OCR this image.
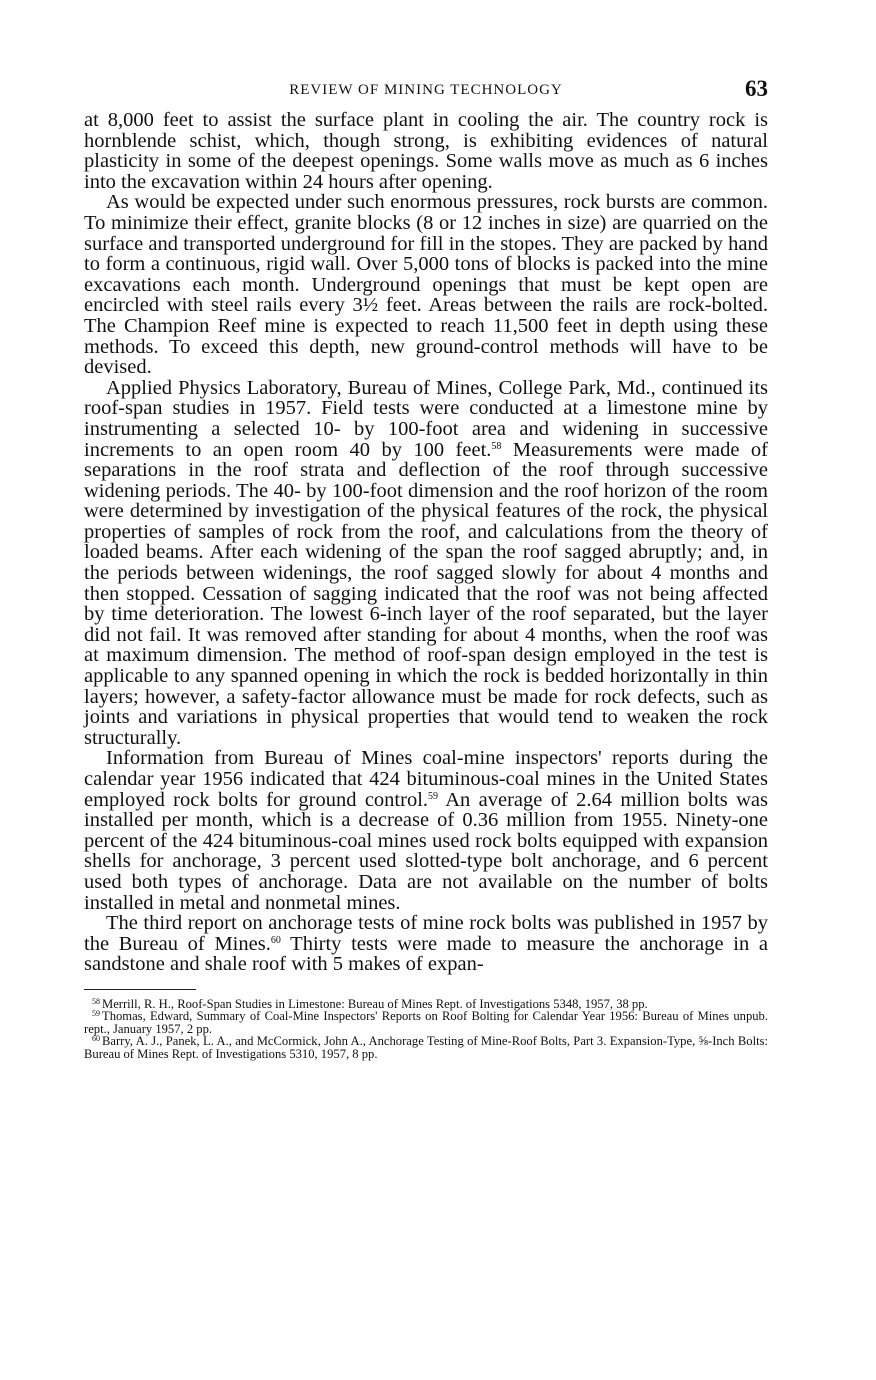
REVIEW OF MINING TECHNOLOGY	63

at 8,000 feet to assist the surface plant in cooling the air. The country rock is hornblende schist, which, though strong, is exhibiting evidences of natural plasticity in some of the deepest openings. Some walls move as much as 6 inches into the excavation within 24 hours after opening.

As would be expected under such enormous pressures, rock bursts are common. To minimize their effect, granite blocks (8 or 12 inches in size) are quarried on the surface and transported underground for fill in the stopes. They are packed by hand to form a continuous, rigid wall. Over 5,000 tons of blocks is packed into the mine excavations each month. Underground openings that must be kept open are encircled with steel rails every 3½ feet. Areas between the rails are rock-bolted. The Champion Reef mine is expected to reach 11,500 feet in depth using these methods. To exceed this depth, new ground-control methods will have to be devised.

Applied Physics Laboratory, Bureau of Mines, College Park, Md., continued its roof-span studies in 1957. Field tests were conducted at a limestone mine by instrumenting a selected 10- by 100-foot area and widening in successive increments to an open room 40 by 100 feet.$^{58}$ Measurements were made of separations in the roof strata and deflection of the roof through successive widening periods. The 40- by 100-foot dimension and the roof horizon of the room were determined by investigation of the physical features of the rock, the physical properties of samples of rock from the roof, and calculations from the theory of loaded beams. After each widening of the span the roof sagged abruptly; and, in the periods between widenings, the roof sagged slowly for about 4 months and then stopped. Cessation of sagging indicated that the roof was not being affected by time deterioration. The lowest 6-inch layer of the roof separated, but the layer did not fail. It was removed after standing for about 4 months, when the roof was at maximum dimension. The method of roof-span design employed in the test is applicable to any spanned opening in which the rock is bedded horizontally in thin layers; however, a safety-factor allowance must be made for rock defects, such as joints and variations in physical properties that would tend to weaken the rock structurally.

Information from Bureau of Mines coal-mine inspectors' reports during the calendar year 1956 indicated that 424 bituminous-coal mines in the United States employed rock bolts for ground control.$^{59}$ An average of 2.64 million bolts was installed per month, which is a decrease of 0.36 million from 1955. Ninety-one percent of the 424 bituminous-coal mines used rock bolts equipped with expansion shells for anchorage, 3 percent used slotted-type bolt anchorage, and 6 percent used both types of anchorage. Data are not available on the number of bolts installed in metal and nonmetal mines.

The third report on anchorage tests of mine rock bolts was published in 1957 by the Bureau of Mines.$^{60}$ Thirty tests were made to measure the anchorage in a sandstone and shale roof with 5 makes of expan-

$^{58}$ Merrill, R. H., Roof-Span Studies in Limestone: Bureau of Mines Rept. of Investigations 5348, 1957, 38 pp.

$^{59}$ Thomas, Edward, Summary of Coal-Mine Inspectors' Reports on Roof Bolting for Calendar Year 1956: Bureau of Mines unpub. rept., January 1957, 2 pp.

$^{60}$ Barry, A. J., Panek, L. A., and McCormick, John A., Anchorage Testing of Mine-Roof Bolts, Part 3. Expansion-Type, ⅝-Inch Bolts: Bureau of Mines Rept. of Investigations 5310, 1957, 8 pp.
